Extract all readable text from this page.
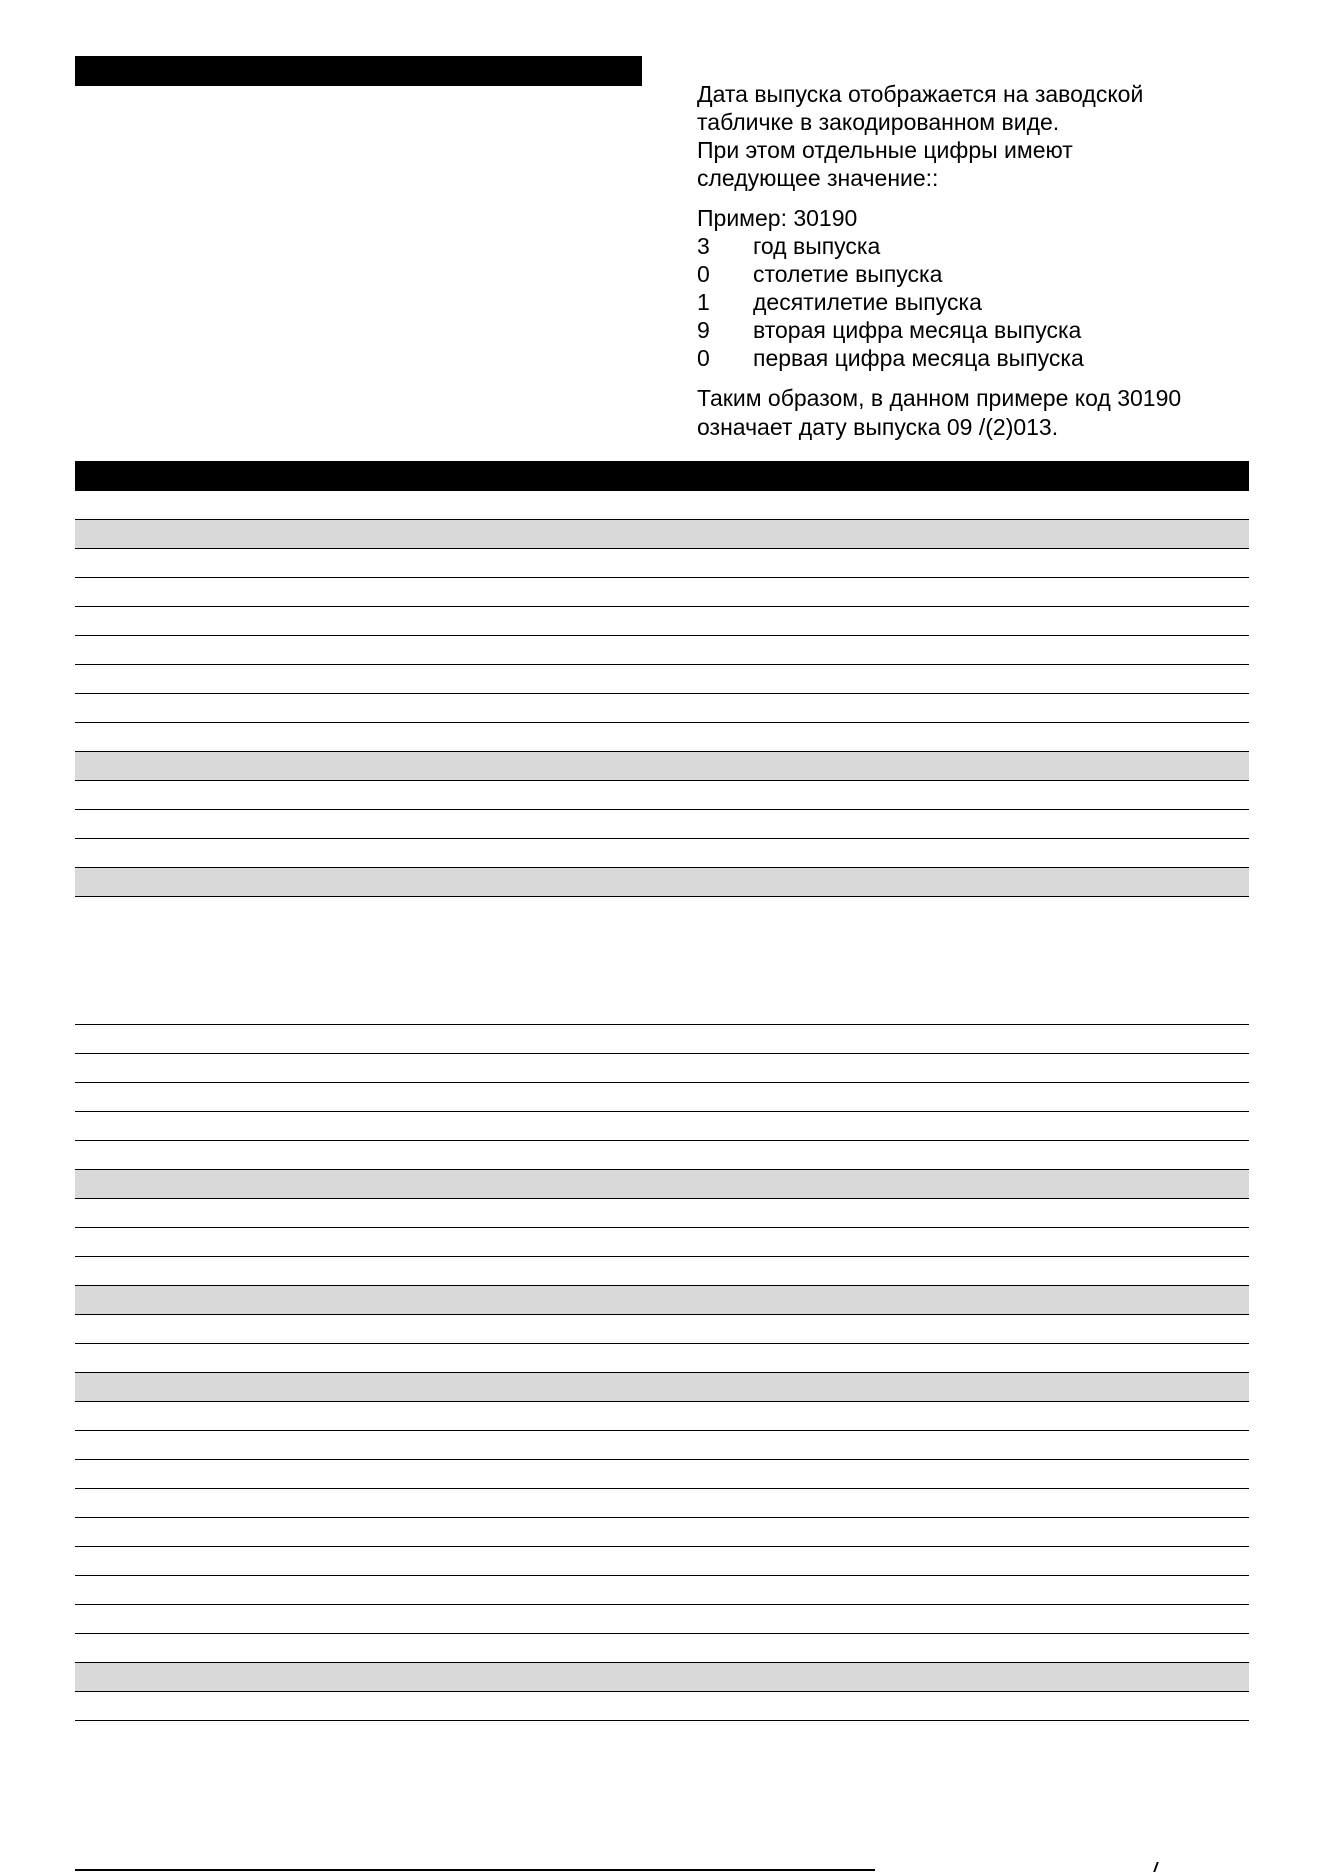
Дата выпуска отображается на заводской
табличке в закодированном виде.
При этом отдельные цифры имеют
следующее значение::

Пример: 30190
3	год выпуска
0	столетие выпуска
1	десятилетие выпуска
9	вторая цифра месяца выпуска
0	первая цифра месяца выпуска

Таким образом, в данном примере код 30190
означает дату выпуска 09 /(2)013.
